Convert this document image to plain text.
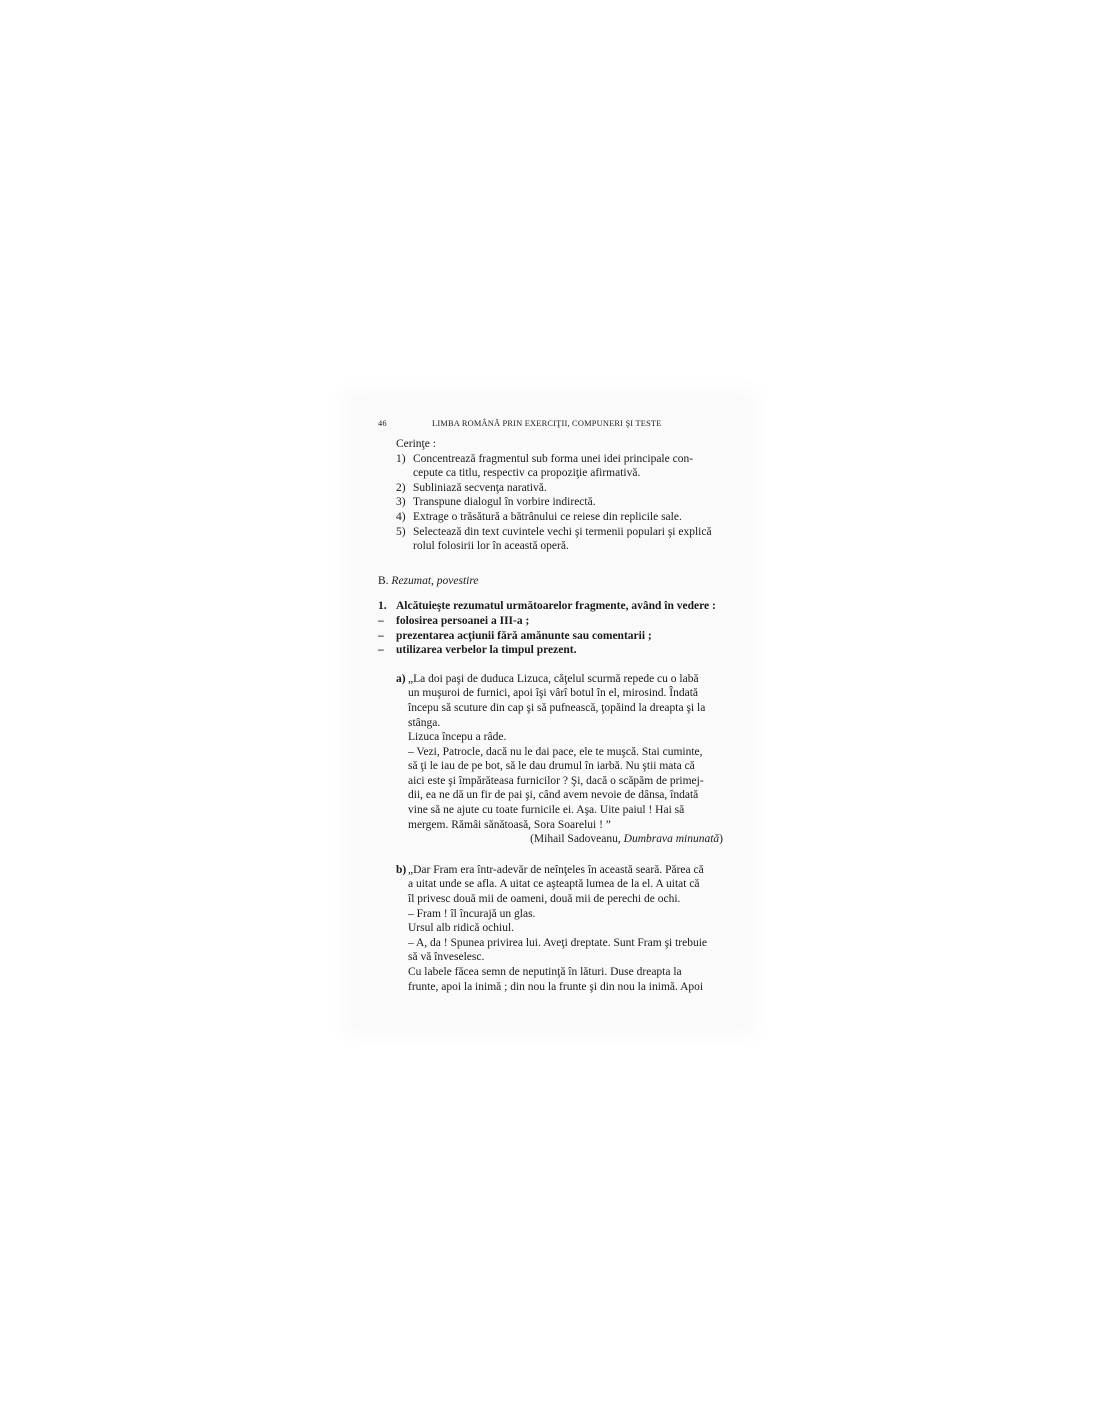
46	LIMBA ROMÂNĂ PRIN EXERCIŢII, COMPUNERI ŞI TESTE
Cerinţe :
1) Concentrează fragmentul sub forma unei idei principale con-
cepute ca titlu, respectiv ca propoziţie afirmativă.
2) Subliniază secvenţa narativă.
3) Transpune dialogul în vorbire indirectă.
4) Extrage o trăsătură a bătrânului ce reiese din replicile sale.
5) Selectează din text cuvintele vechi şi termenii populari şi explică
rolul folosirii lor în această operă.
B. Rezumat, povestire
1. Alcătuieşte rezumatul următoarelor fragmente, având în vedere :
– folosirea persoanei a III-a ;
– prezentarea acţiunii fără amănunte sau comentarii ;
– utilizarea verbelor la timpul prezent.
a) „La doi paşi de duduca Lizuca, căţelul scurmă repede cu o labă

un muşuroi de furnici, apoi îşi vârî botul în el, mirosind. Îndată

începu să scuture din cap şi să pufnească, ţopăind la dreapta şi la

stânga.

Lizuca începu a râde.

– Vezi, Patrocle, dacă nu le dai pace, ele te muşcă. Stai cuminte,

să ţi le iau de pe bot, să le dau drumul în iarbă. Nu ştii mata că

aici este şi împărăteasa furnicilor ? Şi, dacă o scăpăm de primej-

dii, ea ne dă un fir de pai şi, când avem nevoie de dânsa, îndată

vine să ne ajute cu toate furnicile ei. Aşa. Uite paiul ! Hai să

mergem. Rămâi sănătoasă, Sora Soarelui ! ”

(Mihail Sadoveanu, Dumbrava minunată)

b) „Dar Fram era într-adevăr de neînţeles în această seară. Părea că

a uitat unde se afla. A uitat ce aşteaptă lumea de la el. A uitat că

îl privesc două mii de oameni, două mii de perechi de ochi.

– Fram ! îl încurajă un glas.

Ursul alb ridică ochiul.

– A, da ! Spunea privirea lui. Aveţi dreptate. Sunt Fram şi trebuie

să vă înveselesc.

Cu labele făcea semn de neputinţă în lături. Duse dreapta la

frunte, apoi la inimă ; din nou la frunte şi din nou la inimă. Apoi
